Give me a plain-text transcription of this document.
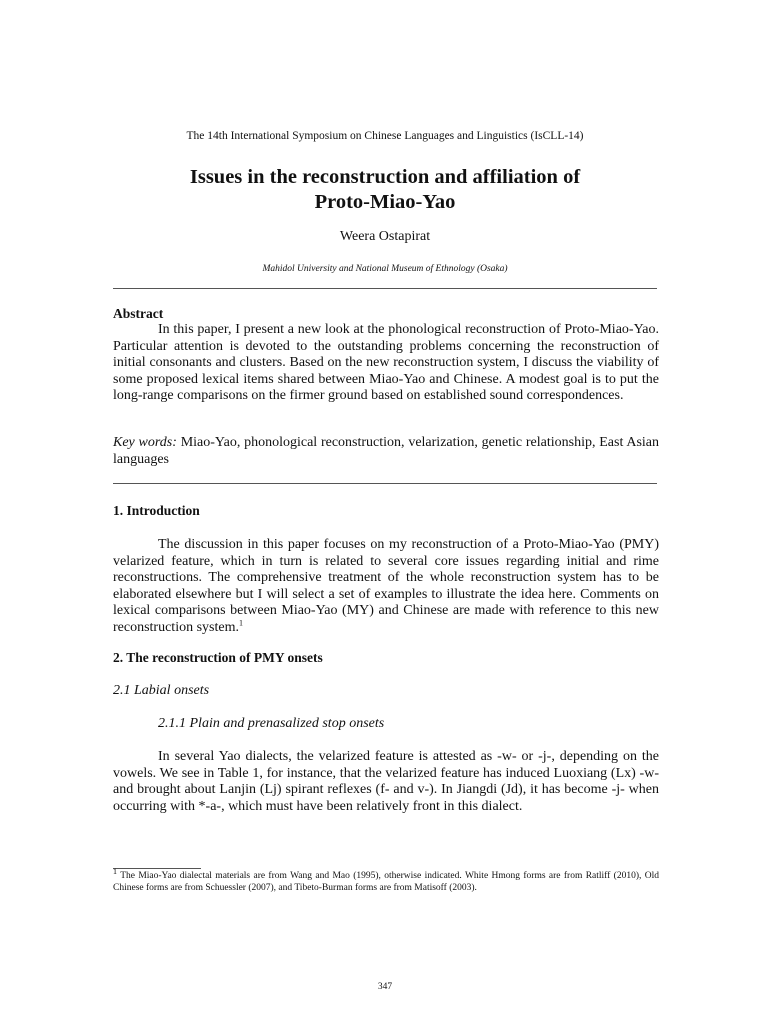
The 14th International Symposium on Chinese Languages and Linguistics (IsCLL-14)
Issues in the reconstruction and affiliation of
Proto-Miao-Yao
Weera Ostapirat
Mahidol University and National Museum of Ethnology (Osaka)
Abstract
In this paper, I present a new look at the phonological reconstruction of Proto-Miao-Yao. Particular attention is devoted to the outstanding problems concerning the reconstruction of initial consonants and clusters. Based on the new reconstruction system, I discuss the viability of some proposed lexical items shared between Miao-Yao and Chinese. A modest goal is to put the long-range comparisons on the firmer ground based on established sound correspondences.
Key words: Miao-Yao, phonological reconstruction, velarization, genetic relationship, East Asian languages
1. Introduction
The discussion in this paper focuses on my reconstruction of a Proto-Miao-Yao (PMY) velarized feature, which in turn is related to several core issues regarding initial and rime reconstructions. The comprehensive treatment of the whole reconstruction system has to be elaborated elsewhere but I will select a set of examples to illustrate the idea here. Comments on lexical comparisons between Miao-Yao (MY) and Chinese are made with reference to this new reconstruction system.$^1$
2. The reconstruction of PMY onsets
2.1 Labial onsets
2.1.1 Plain and prenasalized stop onsets
In several Yao dialects, the velarized feature is attested as -w- or -j-, depending on the vowels. We see in Table 1, for instance, that the velarized feature has induced Luoxiang (Lx) -w- and brought about Lanjin (Lj) spirant reflexes (f- and v-). In Jiangdi (Jd), it has become -j- when occurring with *-a-, which must have been relatively front in this dialect.
$^1$ The Miao-Yao dialectal materials are from Wang and Mao (1995), otherwise indicated. White Hmong forms are from Ratliff (2010), Old Chinese forms are from Schuessler (2007), and Tibeto-Burman forms are from Matisoff (2003).
347
